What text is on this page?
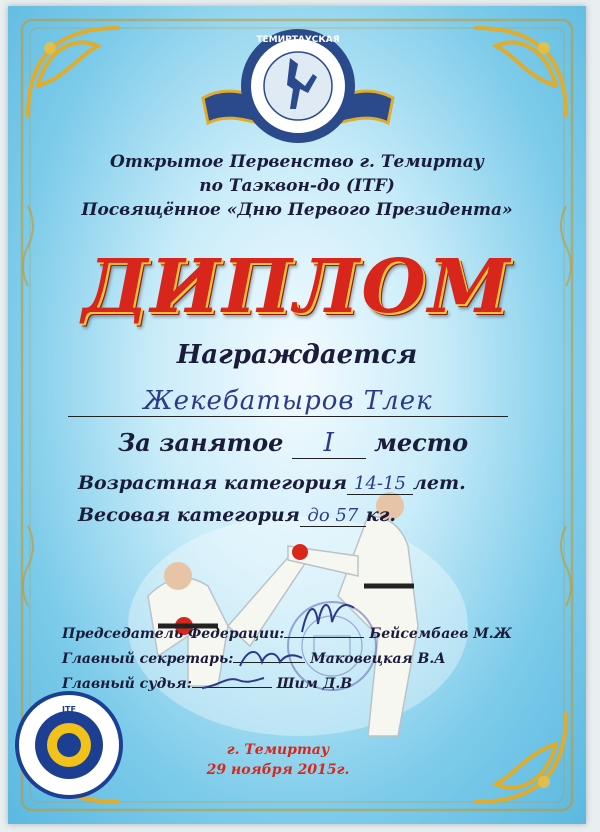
ТЕМИРТАУСКАЯ
Открытое Первенство г. Темиртау
по Таэквон-до (ITF)
Посвящённое «Дню Первого Президента»
ДИПЛОМ
Награждается
Жекебатыров Тлек
За занятое I место
Возрастная категория 14-15 лет.
Весовая категория до 57 кг.
Председатель Федерации:	Бейсембаев М.Ж
Главный секретарь:	Маковецкая В.А
Главный судья:	Шим Д.В
ITF
г. Темиртау
29 ноября 2015г.
